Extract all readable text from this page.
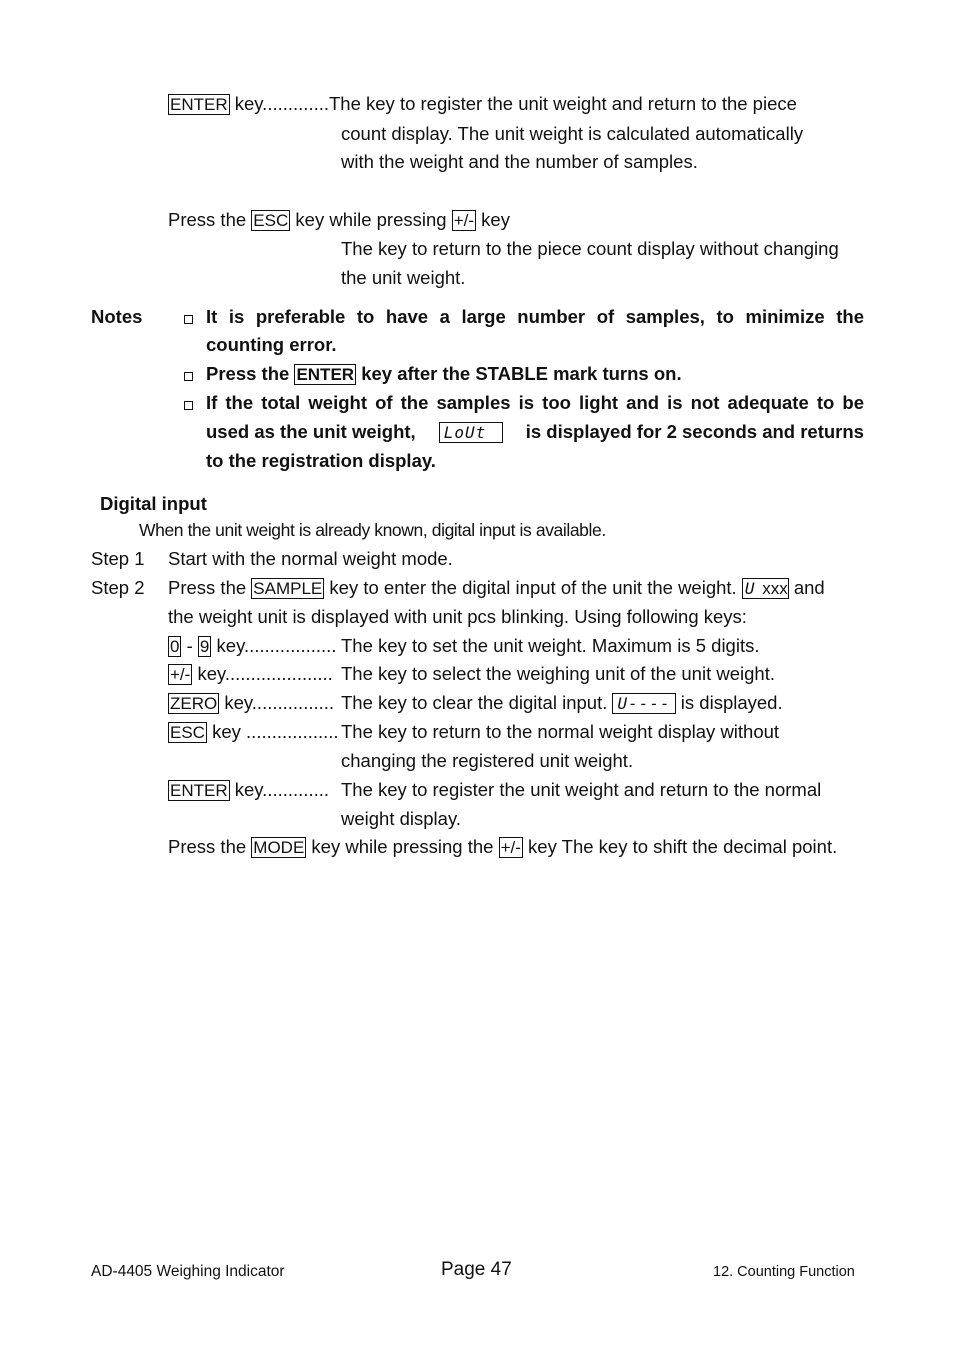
ENTER key.............The key to register the unit weight and return to the piece
count display. The unit weight is calculated automatically
with the weight and the number of samples.
Press the ESC key while pressing +/- key
The key to return to the piece count display without changing
the unit weight.
Notes	It is preferable to have a large number of samples, to minimize the
counting error.
Press the ENTER key after the STABLE mark turns on.
If the total weight of the samples is too light and is not adequate to be
used as the unit weight,	LoUt	is displayed for 2 seconds and returns
to the registration display.
Digital input
When the unit weight is already known, digital input is available.
Step 1 Start with the normal weight mode.
Step 2 Press the SAMPLE key to enter the digital input of the unit the weight. U xxx and
the weight unit is displayed with unit pcs blinking. Using following keys:
0 - 9 key.................. The key to set the unit weight. Maximum is 5 digits.
+/- key..................... The key to select the weighing unit of the unit weight.
ZERO key................ The key to clear the digital input. U---- is displayed.
ESC key .................. The key to return to the normal weight display without
changing the registered unit weight.
ENTER key............. The key to register the unit weight and return to the normal
weight display.
Press the MODE key while pressing the +/- key The key to shift the decimal point.
AD-4405 Weighing Indicator	Page 47	12. Counting Function
